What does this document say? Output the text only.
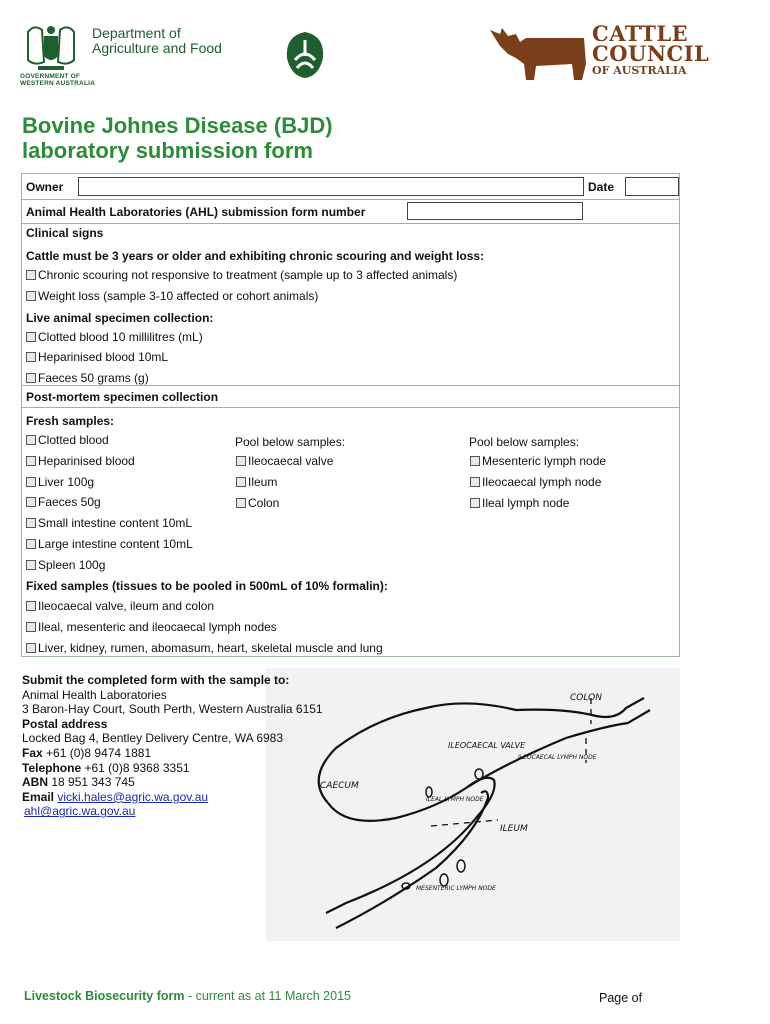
GOVERNMENT OF
WESTERN AUSTRALIA
Department of
Agriculture and Food
CATTLE
COUNCIL
OF AUSTRALIA
Bovine Johnes Disease (BJD)
laboratory submission form
Owner	Date
Animal Health Laboratories (AHL) submission form number
Clinical signs
Cattle must be 3 years or older and exhibiting chronic scouring and weight loss:
Chronic scouring not responsive to treatment (sample up to 3 affected animals)
Weight loss (sample 3-10 affected or cohort animals)
Live animal specimen collection:
Clotted blood 10 millilitres (mL)
Heparinised blood 10mL
Faeces 50 grams (g)
Post-mortem specimen collection
Fresh samples:
Clotted blood
Heparinised blood
Liver 100g
Faeces 50g
Small intestine content 10mL
Large intestine content 10mL
Spleen 100g
Pool below samples:
Ileocaecal valve
Ileum
Colon
Pool below samples:
Mesenteric lymph node
Ileocaecal lymph node
Ileal lymph node
Fixed samples (tissues to be pooled in 500mL of 10% formalin):
Ileocaecal valve, ileum and colon
Ileal, mesenteric and ileocaecal lymph nodes
Liver, kidney, rumen, abomasum, heart, skeletal muscle and lung
COLON
ILEOCAECAL VALVE
ILEOCAECAL LYMPH NODE
CAECUM
ILEAL LYMPH NODE
ILEUM
MESENTERIC LYMPH NODE
Submit the completed form with the sample to:
Animal Health Laboratories
3 Baron-Hay Court, South Perth, Western Australia 6151
Postal address
Locked Bag 4, Bentley Delivery Centre, WA 6983
Fax +61 (0)8 9474 1881
Telephone +61 (0)8 9368 3351
ABN 18 951 343 745
Email vicki.hales@agric.wa.gov.au
ahl@agric.wa.gov.au
Livestock Biosecurity form - current as at 11 March 2015	Page of
